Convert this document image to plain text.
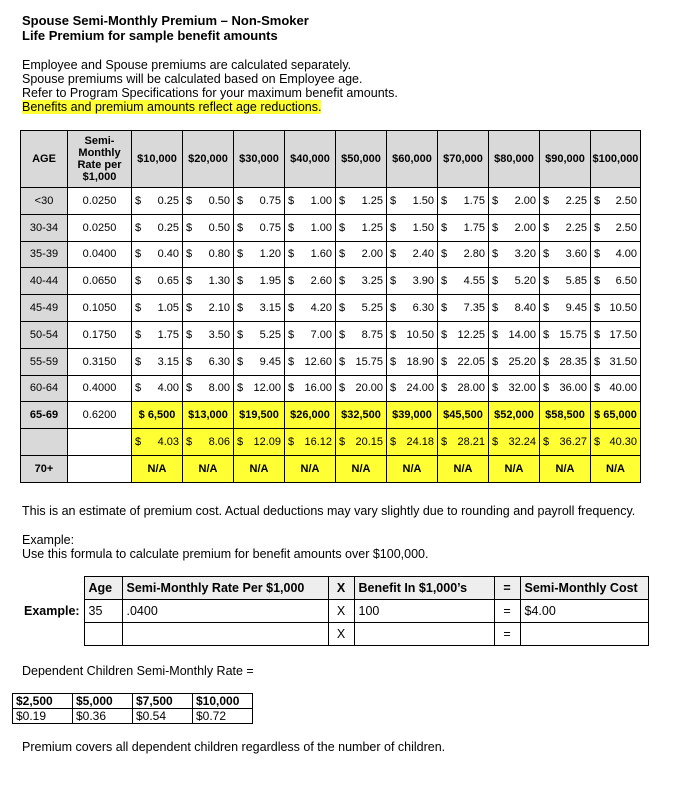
Spouse Semi-Monthly Premium – Non-Smoker
Life Premium for sample benefit amounts
Employee and Spouse premiums are calculated separately.
Spouse premiums will be calculated based on Employee age.
Refer to Program Specifications for your maximum benefit amounts.
Benefits and premium amounts reflect age reductions.
AGE	Semi-Monthly Rate per $1,000	$10,000	$20,000	$30,000	$40,000	$50,000	$60,000	$70,000	$80,000	$90,000	$100,000
<30	0.0250	$ 0.25	$ 0.50	$ 0.75	$ 1.00	$ 1.25	$ 1.50	$ 1.75	$ 2.00	$ 2.25	$ 2.50

30-34	0.0250	$ 0.25	$ 0.50	$ 0.75	$ 1.00	$ 1.25	$ 1.50	$ 1.75	$ 2.00	$ 2.25	$ 2.50

35-39	0.0400	$ 0.40	$ 0.80	$ 1.20	$ 1.60	$ 2.00	$ 2.40	$ 2.80	$ 3.20	$ 3.60	$ 4.00

40-44	0.0650	$ 0.65	$ 1.30	$ 1.95	$ 2.60	$ 3.25	$ 3.90	$ 4.55	$ 5.20	$ 5.85	$ 6.50

45-49	0.1050	$ 1.05	$ 2.10	$ 3.15	$ 4.20	$ 5.25	$ 6.30	$ 7.35	$ 8.40	$ 9.45	$ 10.50

50-54	0.1750	$ 1.75	$ 3.50	$ 5.25	$ 7.00	$ 8.75	$ 10.50	$ 12.25	$ 14.00	$ 15.75	$ 17.50

55-59	0.3150	$ 3.15	$ 6.30	$ 9.45	$ 12.60	$ 15.75	$ 18.90	$ 22.05	$ 25.20	$ 28.35	$ 31.50

60-64	0.4000	$ 4.00	$ 8.00	$ 12.00	$ 16.00	$ 20.00	$ 24.00	$ 28.00	$ 32.00	$ 36.00	$ 40.00

65-69	0.6200	$ 6,500	$13,000	$19,500	$26,000	$32,500	$39,000	$45,500	$52,000	$58,500	$ 65,000

		$ 4.03	$ 8.06	$ 12.09	$ 16.12	$ 20.15	$ 24.18	$ 28.21	$ 32.24	$ 36.27	$ 40.30

70+		N/A	N/A	N/A	N/A	N/A	N/A	N/A	N/A	N/A	N/A
This is an estimate of premium cost. Actual deductions may vary slightly due to rounding and payroll frequency.
Example:
Use this formula to calculate premium for benefit amounts over $100,000.
	Age	Semi-Monthly Rate Per $1,000	X	Benefit In $1,000’s	=	Semi-Monthly Cost
Example:	35	.0400	X	100	=	$4.00
			X		=	
Dependent Children Semi-Monthly Rate =
$2,500	$5,000	$7,500	$10,000
$0.19	$0.36	$0.54	$0.72
Premium covers all dependent children regardless of the number of children.
